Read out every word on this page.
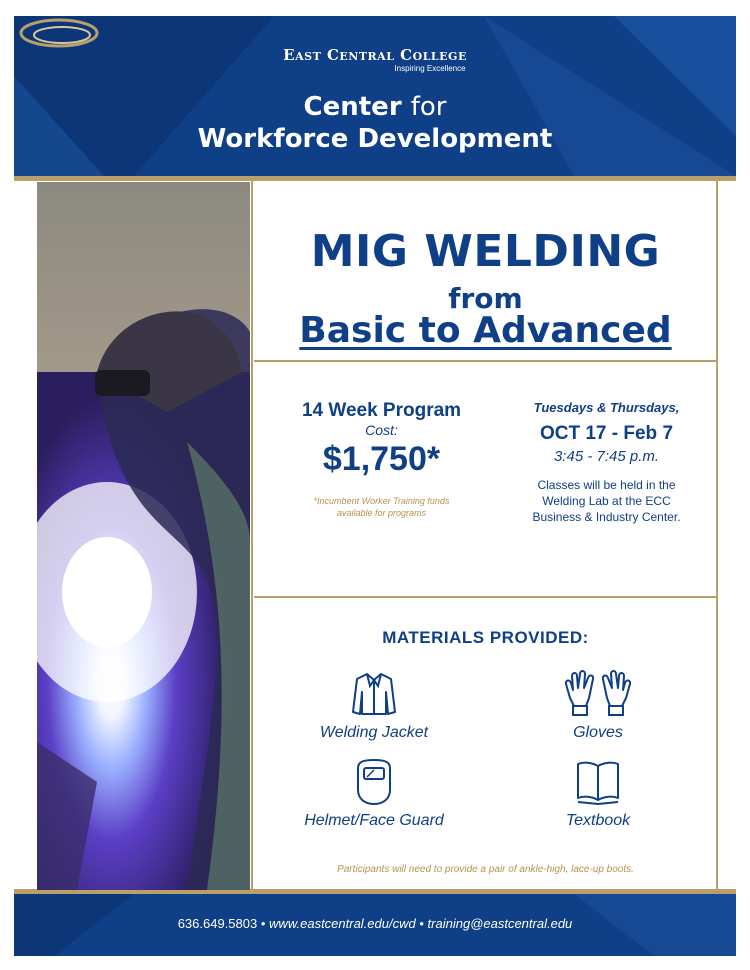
East Central College
Inspiring Excellence
Center for
Workforce Development
MIG WELDING
from
Basic to Advanced
14 Week Program
Cost:
$1,750*
*Incumbent Worker Training funds
available for programs
Tuesdays & Thursdays,
OCT 17 - Feb 7
3:45 - 7:45 p.m.
Classes will be held in the
Welding Lab at the ECC
Business & Industry Center.
MATERIALS PROVIDED:
Welding Jacket	Gloves
Helmet/Face Guard	Textbook
Participants will need to provide a pair of ankle-high, lace-up boots.
636.649.5803 • www.eastcentral.edu/cwd • training@eastcentral.edu
